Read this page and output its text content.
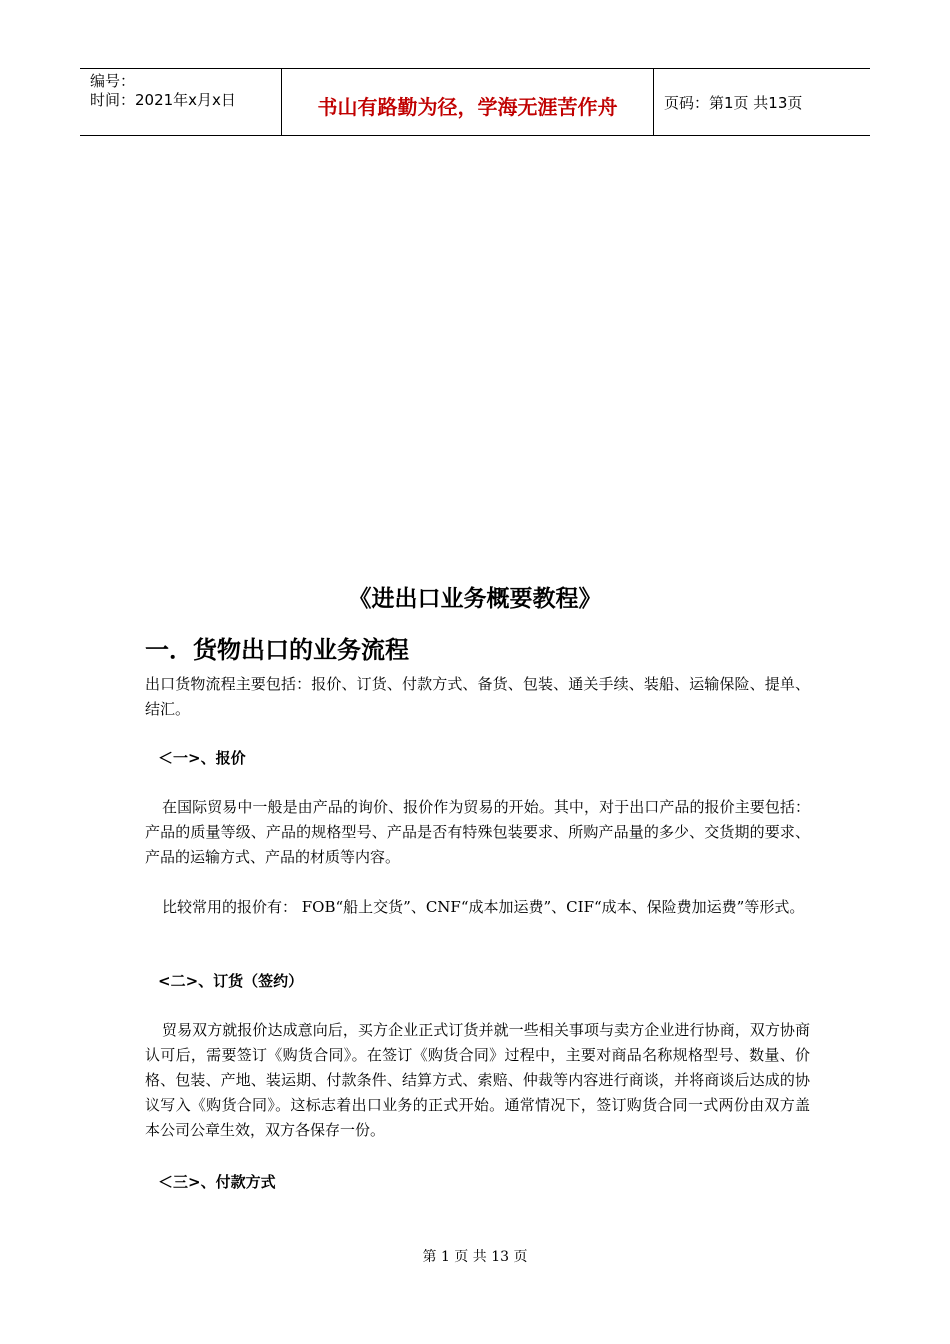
编号：
时间：2021年x月x日	书山有路勤为径，学海无涯苦作舟	页码：第1页 共13页
《进出口业务概要教程》
一．货物出口的业务流程
出口货物流程主要包括：报价、订货、付款方式、备货、包装、通关手续、装船、运输保险、提单、结汇。
＜一>、报价
在国际贸易中一般是由产品的询价、报价作为贸易的开始。其中，对于出口产品的报价主要包括：产品的质量等级、产品的规格型号、产品是否有特殊包装要求、所购产品量的多少、交货期的要求、产品的运输方式、产品的材质等内容。
比较常用的报价有： FOB“船上交货”、CNF“成本加运费”、CIF“成本、保险费加运费”等形式。
<二>、订货（签约）
贸易双方就报价达成意向后，买方企业正式订货并就一些相关事项与卖方企业进行协商，双方协商认可后，需要签订《购货合同》。在签订《购货合同》过程中，主要对商品名称规格型号、数量、价格、包装、产地、装运期、付款条件、结算方式、索赔、仲裁等内容进行商谈，并将商谈后达成的协议写入《购货合同》。这标志着出口业务的正式开始。通常情况下，签订购货合同一式两份由双方盖本公司公章生效，双方各保存一份。
＜三>、付款方式
第 1 页 共 13 页
